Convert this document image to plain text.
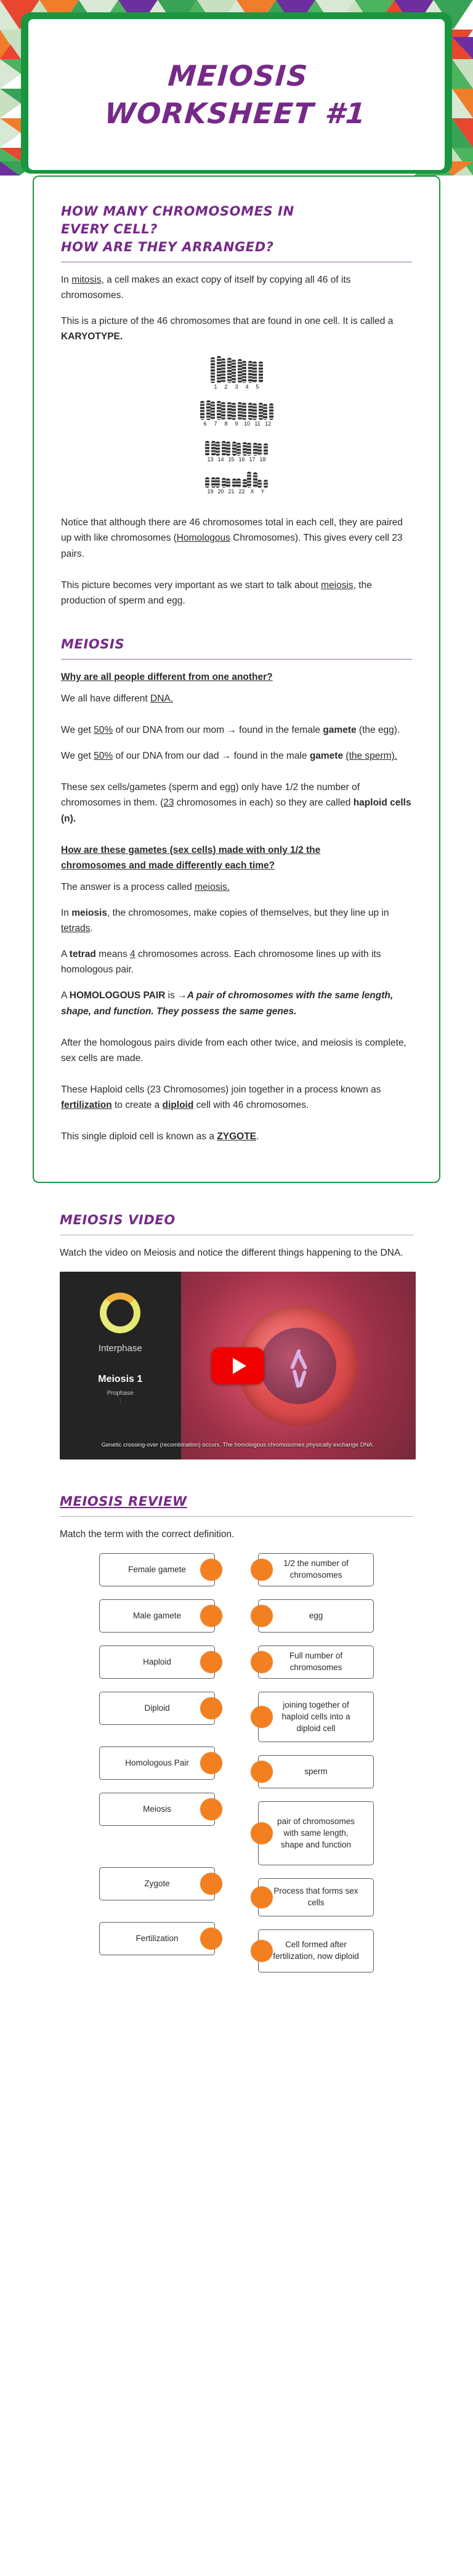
MEIOSIS
WORKSHEET #1
HOW MANY CHROMOSOMES IN
EVERY CELL?
HOW ARE THEY ARRANGED?

In mitosis, a cell makes an exact copy of itself by copying all 46 of its chromosomes.

This is a picture of the 46 chromosomes that are found in one cell. It is called a KARYOTYPE.

1 2 3 4 5
6 7 8 9 10 11 12
13 14 15 16 17 18
19 20 21 22 X Y

Notice that although there are 46 chromosomes total in each cell, they are paired up with like chromosomes (Homologous Chromosomes). This gives every cell 23 pairs.

This picture becomes very important as we start to talk about meiosis, the production of sperm and egg.

MEIOSIS

Why are all people different from one another?

We all have different DNA.

We get 50% of our DNA from our mom → found in the female gamete (the egg).

We get 50% of our DNA from our dad → found in the male gamete (the sperm).

These sex cells/gametes (sperm and egg) only have 1/2 the number of chromosomes in them. (23 chromosomes in each) so they are called haploid cells (n).

How are these gametes (sex cells) made with only 1/2 the
chromosomes and made differently each time?

The answer is a process called meiosis.

In meiosis, the chromosomes, make copies of themselves, but they line up in tetrads.

A tetrad means 4 chromosomes across. Each chromosome lines up with its homologous pair.

A HOMOLOGOUS PAIR is →A pair of chromosomes with the same length, shape, and function. They possess the same genes.

After the homologous pairs divide from each other twice, and meiosis is complete, sex cells are made.

These Haploid cells (23 Chromosomes) join together in a process known as fertilization to create a diploid cell with 46 chromosomes.

This single diploid cell is known as a ZYGOTE.

MEIOSIS VIDEO

Watch the video on Meiosis and notice the different things happening to the DNA.

Interphase
Meiosis 1
Prophase
⋮
Genetic crossing-over (recombination) occurs. The homologous chromosomes physically exchange DNA.
MEIOSIS REVIEW

Match the term with the correct definition.

Female gamete
Male gamete
Haploid
Diploid
Homologous Pair
Meiosis
Zygote
Fertilization
1/2 the number of chromosomes
egg
Full number of chromosomes
joining together of haploid cells into a diploid cell
sperm
pair of chromosomes with same length, shape and function
Process that forms sex cells
Cell formed after fertilization, now diploid
